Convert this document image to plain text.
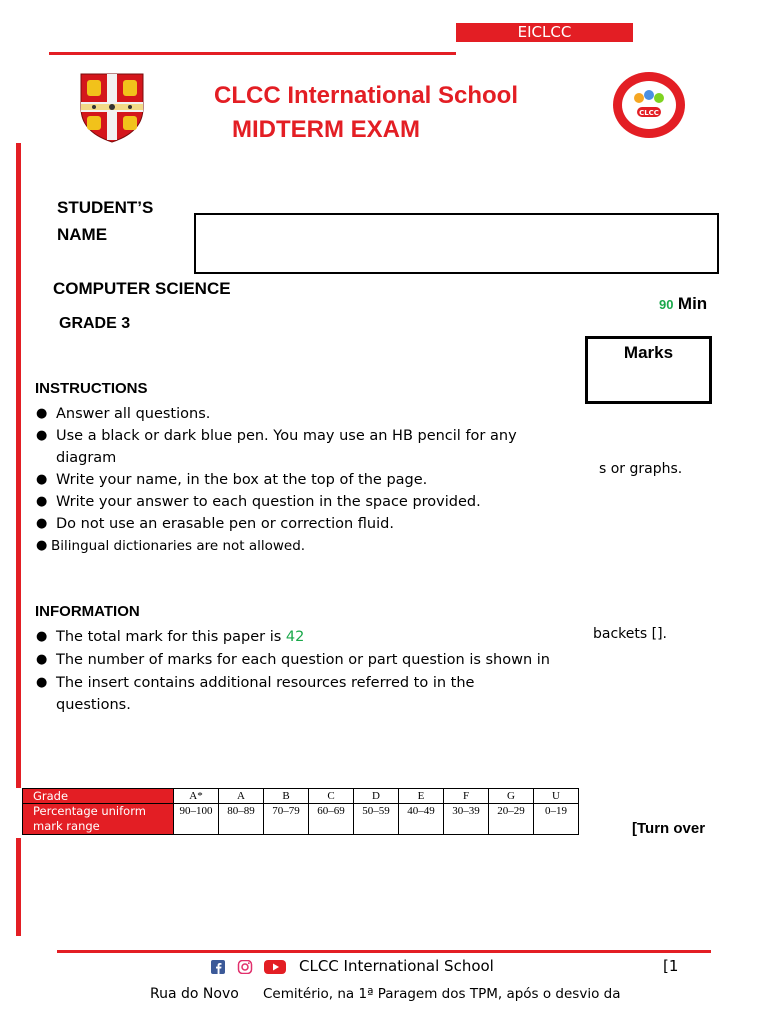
EICLCC
CLCC International School
MIDTERM EXAM
CLCC
STUDENT’S
NAME
COMPUTER SCIENCE
90 Min
GRADE 3
Marks
INSTRUCTIONS
● Answer all questions.
● Use a black or dark blue pen. You may use an HB pencil for any
diagram
● Write your name, in the box at the top of the page.
● Write your answer to each question in the space provided.
● Do not use an erasable pen or correction fluid.
● Bilingual dictionaries are not allowed.
s or graphs.
INFORMATION
● The total mark for this paper is 42
● The number of marks for each question or part question is shown in
● The insert contains additional resources referred to in the
questions.
backets [].
Grade	A*	A	B	C	D	E	F	G	U
Percentage uniform mark range	90–100	80–89	70–79	60–69	50–59	40–49	30–39	20–29	0–19
[Turn over
CLCC International School	[1
Rua do Novo Cemitério, na 1ª Paragem dos TPM, após o desvio da
